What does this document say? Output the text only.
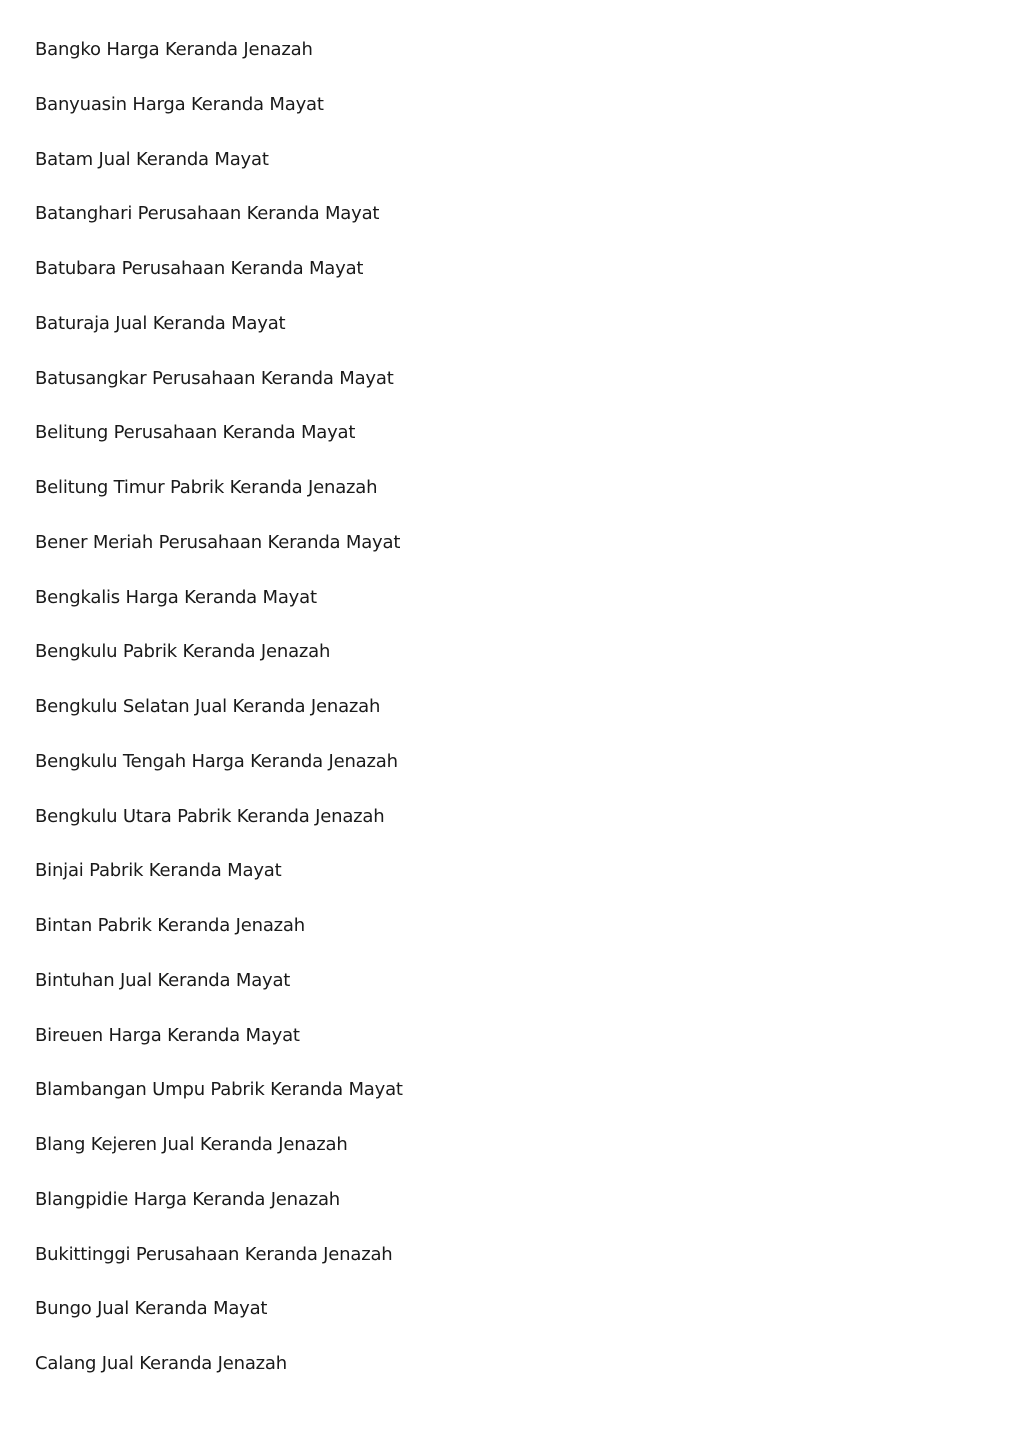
Bangko Harga Keranda Jenazah
Banyuasin Harga Keranda Mayat
Batam Jual Keranda Mayat
Batanghari Perusahaan Keranda Mayat
Batubara Perusahaan Keranda Mayat
Baturaja Jual Keranda Mayat
Batusangkar Perusahaan Keranda Mayat
Belitung Perusahaan Keranda Mayat
Belitung Timur Pabrik Keranda Jenazah
Bener Meriah Perusahaan Keranda Mayat
Bengkalis Harga Keranda Mayat
Bengkulu Pabrik Keranda Jenazah
Bengkulu Selatan Jual Keranda Jenazah
Bengkulu Tengah Harga Keranda Jenazah
Bengkulu Utara Pabrik Keranda Jenazah
Binjai Pabrik Keranda Mayat
Bintan Pabrik Keranda Jenazah
Bintuhan Jual Keranda Mayat
Bireuen Harga Keranda Mayat
Blambangan Umpu Pabrik Keranda Mayat
Blang Kejeren Jual Keranda Jenazah
Blangpidie Harga Keranda Jenazah
Bukittinggi Perusahaan Keranda Jenazah
Bungo Jual Keranda Mayat
Calang Jual Keranda Jenazah
